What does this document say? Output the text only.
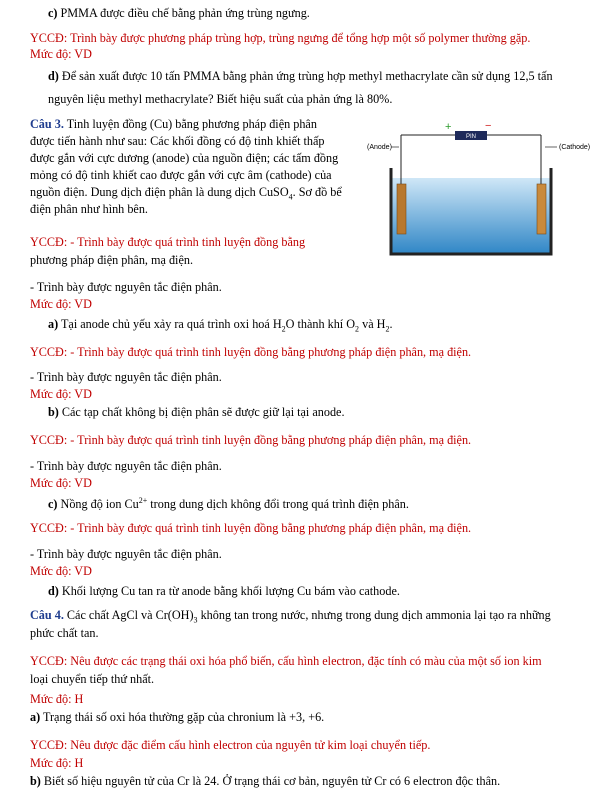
c) PMMA được điều chế bằng phản ứng trùng ngưng.
YCCĐ: Trình bày được phương pháp trùng hợp, trùng ngưng để tổng hợp một số polymer thường gặp.
Mức độ: VD
d) Để sản xuất được 10 tấn PMMA bằng phản ứng trùng hợp methyl methacrylate cần sử dụng 12,5 tấn
nguyên liệu methyl methacrylate? Biết hiệu suất của phản ứng là 80%.
Câu 3. Tinh luyện đồng (Cu) bằng phương pháp điện phân
được tiến hành như sau: Các khối đồng có độ tinh khiết thấp
được gắn với cực dương (anode) của nguồn điện; các tấm đồng
mỏng có độ tinh khiết cao được gắn với cực âm (cathode) của
nguồn điện. Dung dịch điện phân là dung dịch CuSO$_4$. Sơ đồ bể
điện phân như hình bên.
PIN
+	−
(Anode)	(Cathode)
YCCĐ: - Trình bày được quá trình tinh luyện đồng bằng
phương pháp điện phân, mạ điện.
- Trình bày được nguyên tắc điện phân.
Mức độ: VD
a) Tại anode chủ yếu xảy ra quá trình oxi hoá $H_2O$ thành khí $O_2$ và $H_2$.
YCCĐ: - Trình bày được quá trình tinh luyện đồng bằng phương pháp điện phân, mạ điện.
- Trình bày được nguyên tắc điện phân.
Mức độ: VD
b) Các tạp chất không bị điện phân sẽ được giữ lại tại anode.
YCCĐ: - Trình bày được quá trình tinh luyện đồng bằng phương pháp điện phân, mạ điện.
- Trình bày được nguyên tắc điện phân.
Mức độ: VD
c) Nồng độ ion $Cu^{2+}$ trong dung dịch không đổi trong quá trình điện phân.
YCCĐ: - Trình bày được quá trình tinh luyện đồng bằng phương pháp điện phân, mạ điện.
- Trình bày được nguyên tắc điện phân.
Mức độ: VD
d) Khối lượng Cu tan ra từ anode bằng khối lượng Cu bám vào cathode.
Câu 4. Các chất AgCl và $Cr(OH)_3$ không tan trong nước, nhưng trong dung dịch ammonia lại tạo ra những
phức chất tan.
YCCĐ: Nêu được các trạng thái oxi hóa phổ biến, cấu hình electron, đặc tính có màu của một số ion kim
loại chuyển tiếp thứ nhất.
Mức độ: H
a) Trạng thái số oxi hóa thường gặp của chronium là +3, +6.
YCCĐ: Nêu được đặc điểm cấu hình electron của nguyên tử kim loại chuyển tiếp.
Mức độ: H
b) Biết số hiệu nguyên tử của Cr là 24. Ở trạng thái cơ bản, nguyên tử Cr có 6 electron độc thân.
